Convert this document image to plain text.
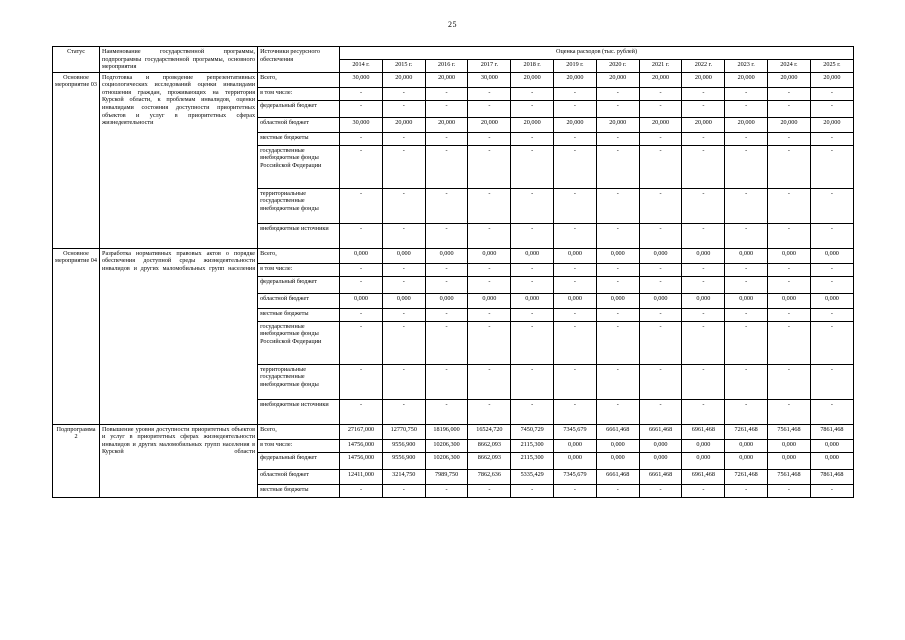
25
Статус	Наименование государственной программы, подпрограммы государственной программы, основного мероприятия	Источники ресурсного обеспечения	Оценка расходов (тыс. рублей)											
			2014 г.	2015 г.	2016 г.	2017 г.	2018 г.	2019 г.	2020 г.	2021 г.	2022 г.	2023 г.	2024 г.	2025 г.
Основное мероприятие 03	Подготовка и проведение репрезентативных социологических исследований оценки инвалидами отношения граждан, проживающих на территория Курской области, к проблемам инвалидов, оценки инвалидами состояния доступности приоритетных объектов и услуг в приоритетных сферах жизнедеятельности	Всего,	30,000	20,000	20,000	30,000	20,000	20,000	20,000	20,000	20,000	20,000	20,000	20,000
		в том числе:	-	-	-	-	-	-	-	-	-	-	-	-
		федеральный бюджет	-	-	-	-	-	-	-	-	-	-	-	-
		областной бюджет	30,000	20,000	20,000	20,000	20,000	20,000	20,000	20,000	20,000	20,000	20,000	20,000
		местные бюджеты	-	-	-	-	-	-	-	-	-	-	-	-
		государственные внебюджетные фонды Российской Федерации	-	-	-	-	-	-	-	-	-	-	-	-
		территориальные государственные внебюджетные фонды	-	-	-	-	-	-	-	-	-	-	-	-
		внебюджетные источники	-	-	-	-	-	-	-	-	-	-	-	-
Основное мероприятие 04	Разработка нормативных правовых актов о порядке обеспечения доступной среды жизнедеятельности инвалидов и других маломобильных групп населения	Всего,	0,000	0,000	0,000	0,000	0,000	0,000	0,000	0,000	0,000	0,000	0,000	0,000
		в том числе:	-	-	-	-	-	-	-	-	-	-	-	-
		федеральный бюджет	-	-	-	-	-	-	-	-	-	-	-	-
		областной бюджет	0,000	0,000	0,000	0,000	0,000	0,000	0,000	0,000	0,000	0,000	0,000	0,000
		местные бюджеты	-	-	-	-	-	-	-	-	-	-	-	-
		государственные внебюджетные фонды Российской Федерации	-	-	-	-	-	-	-	-	-	-	-	-
		территориальные государственные внебюджетные фонды	-	-	-	-	-	-	-	-	-	-	-	-
		внебюджетные источники	-	-	-	-	-	-	-	-	-	-	-	-
Подпрограмма 2	Повышение уровня доступности приоритетных объектов и услуг в приоритетных сферах жизнедеятельности инвалидов и других маломобильных групп населения в Курской области	Всего,	27167,000	12770,750	18196,000	16524,720	7450,729	7345,679	6661,468	6661,468	6961,468	7261,468	7561,468	7861,468
		в том числе:	14756,000	9556,900	10206,300	8662,093	2115,300	0,000	0,000	0,000	0,000	0,000	0,000	0,000
		федеральный бюджет	14756,000	9556,900	10206,300	8662,093	2115,300	0,000	0,000	0,000	0,000	0,000	0,000	0,000
		областной бюджет	12411,000	3214,750	7989,750	7862,636	5335,429	7345,679	6661,468	6661,468	6961,468	7261,468	7561,468	7861,468
		местные бюджеты	-	-	-	-	-	-	-	-	-	-	-	-
